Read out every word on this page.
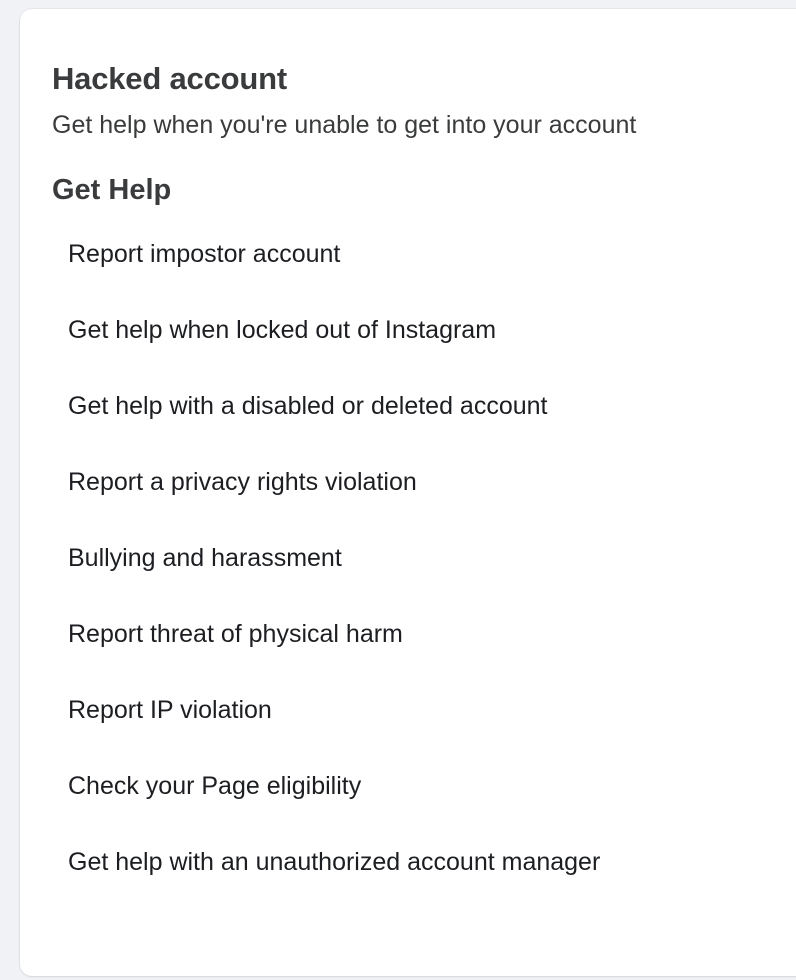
Hacked account

Get help when you're unable to get into your account

Get Help
Report impostor account
Get help when locked out of Instagram
Get help with a disabled or deleted account
Report a privacy rights violation
Bullying and harassment
Report threat of physical harm
Report IP violation
Check your Page eligibility
Get help with an unauthorized account manager
